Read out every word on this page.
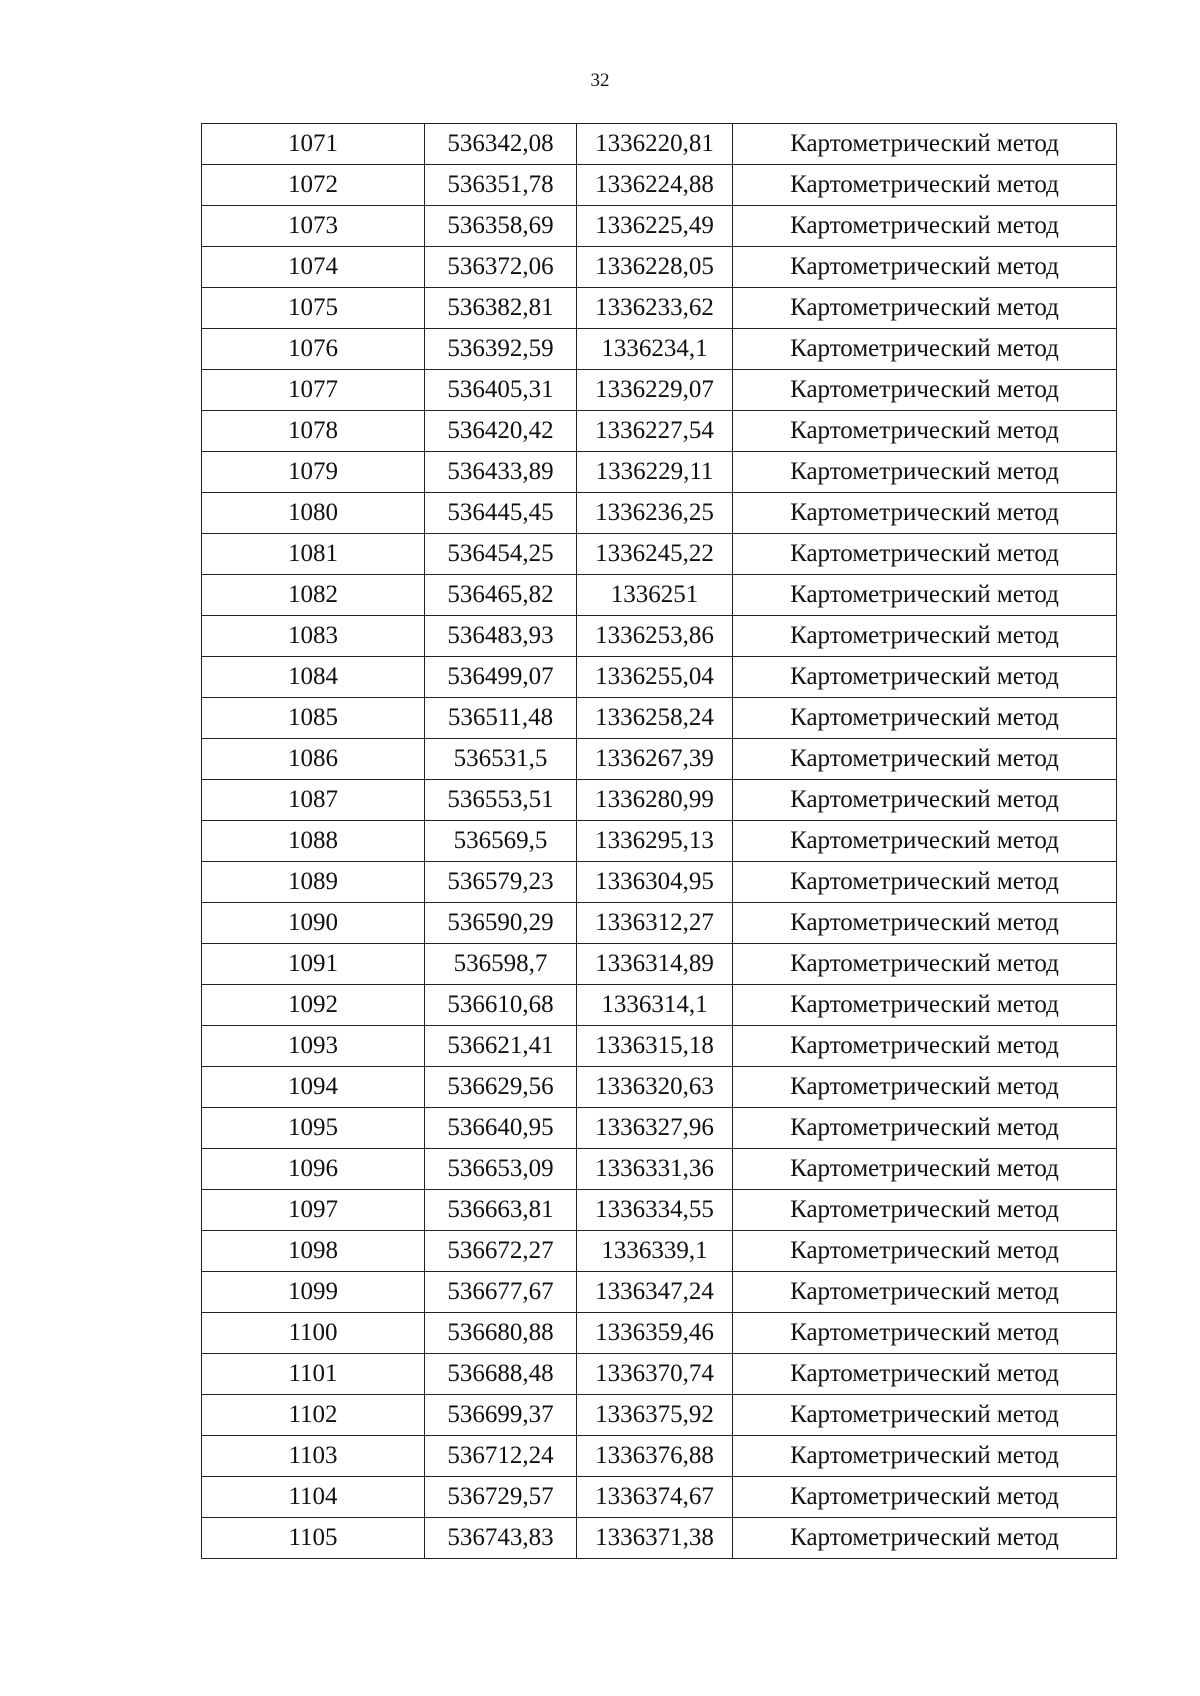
32
1071	536342,08	1336220,81	Картометрический метод
1072	536351,78	1336224,88	Картометрический метод
1073	536358,69	1336225,49	Картометрический метод
1074	536372,06	1336228,05	Картометрический метод
1075	536382,81	1336233,62	Картометрический метод
1076	536392,59	1336234,1	Картометрический метод
1077	536405,31	1336229,07	Картометрический метод
1078	536420,42	1336227,54	Картометрический метод
1079	536433,89	1336229,11	Картометрический метод
1080	536445,45	1336236,25	Картометрический метод
1081	536454,25	1336245,22	Картометрический метод
1082	536465,82	1336251	Картометрический метод
1083	536483,93	1336253,86	Картометрический метод
1084	536499,07	1336255,04	Картометрический метод
1085	536511,48	1336258,24	Картометрический метод
1086	536531,5	1336267,39	Картометрический метод
1087	536553,51	1336280,99	Картометрический метод
1088	536569,5	1336295,13	Картометрический метод
1089	536579,23	1336304,95	Картометрический метод
1090	536590,29	1336312,27	Картометрический метод
1091	536598,7	1336314,89	Картометрический метод
1092	536610,68	1336314,1	Картометрический метод
1093	536621,41	1336315,18	Картометрический метод
1094	536629,56	1336320,63	Картометрический метод
1095	536640,95	1336327,96	Картометрический метод
1096	536653,09	1336331,36	Картометрический метод
1097	536663,81	1336334,55	Картометрический метод
1098	536672,27	1336339,1	Картометрический метод
1099	536677,67	1336347,24	Картометрический метод
1100	536680,88	1336359,46	Картометрический метод
1101	536688,48	1336370,74	Картометрический метод
1102	536699,37	1336375,92	Картометрический метод
1103	536712,24	1336376,88	Картометрический метод
1104	536729,57	1336374,67	Картометрический метод
1105	536743,83	1336371,38	Картометрический метод
